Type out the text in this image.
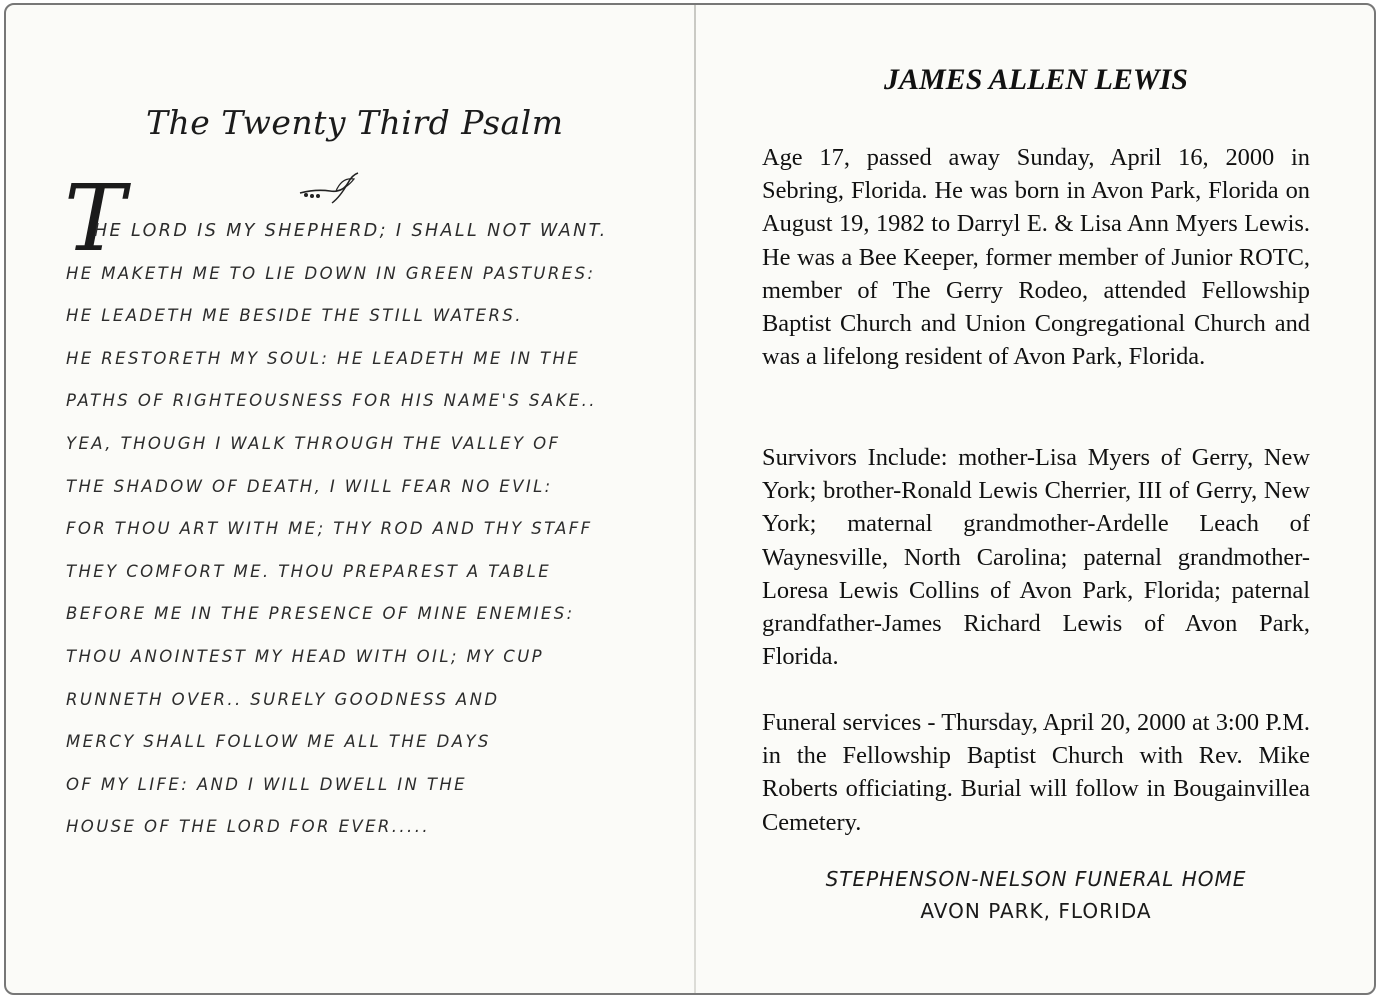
The Twenty Third Psalm
T
HE LORD IS MY SHEPHERD; I SHALL NOT WANT.
HE MAKETH ME TO LIE DOWN IN GREEN PASTURES:
HE LEADETH ME BESIDE THE STILL WATERS.
HE RESTORETH MY SOUL: HE LEADETH ME IN THE
PATHS OF RIGHTEOUSNESS FOR HIS NAME'S SAKE..
YEA, THOUGH I WALK THROUGH THE VALLEY OF
THE SHADOW OF DEATH, I WILL FEAR NO EVIL:
FOR THOU ART WITH ME; THY ROD AND THY STAFF
THEY COMFORT ME. THOU PREPAREST A TABLE
BEFORE ME IN THE PRESENCE OF MINE ENEMIES:
THOU ANOINTEST MY HEAD WITH OIL; MY CUP
RUNNETH OVER.. SURELY GOODNESS AND
MERCY SHALL FOLLOW ME ALL THE DAYS
OF MY LIFE: AND I WILL DWELL IN THE
HOUSE OF THE LORD FOR EVER.....
JAMES ALLEN LEWIS

Age 17, passed away Sunday, April 16, 2000 in Sebring, Florida. He was born in Avon Park, Florida on August 19, 1982 to Darryl E. & Lisa Ann Myers Lewis. He was a Bee Keeper, former member of Junior ROTC, member of The Gerry Rodeo, attended Fellowship Baptist Church and Union Congregational Church and was a lifelong resident of Avon Park, Florida.

Survivors Include: mother-Lisa Myers of Gerry, New York; brother-Ronald Lewis Cherrier, III of Gerry, New York; maternal grandmother-Ardelle Leach of Waynesville, North Carolina; paternal grandmother-Loresa Lewis Collins of Avon Park, Florida; paternal grandfather-James Richard Lewis of Avon Park, Florida.

Funeral services - Thursday, April 20, 2000 at 3:00 P.M. in the Fellowship Baptist Church with Rev. Mike Roberts officiating. Burial will follow in Bougainvillea Cemetery.

STEPHENSON-NELSON FUNERAL HOME

AVON PARK, FLORIDA
